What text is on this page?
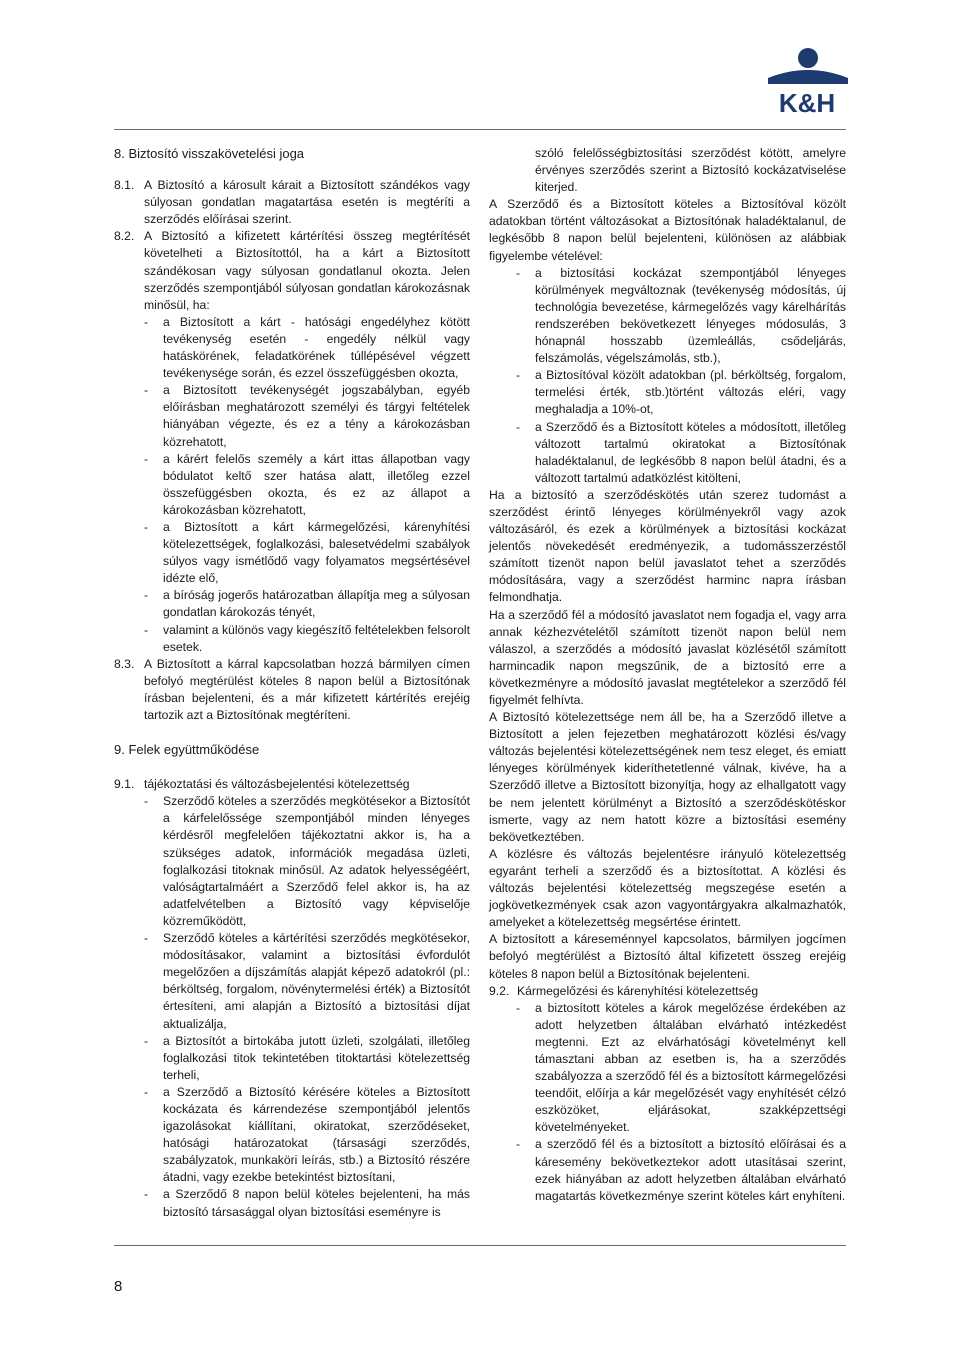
K&H

8. Biztosító visszakövetelési joga

8.1. A Biztosító a károsult kárait a Biztosított szándékos vagy súlyosan gondatlan magatartása esetén is megtéríti a szerződés előírásai szerint.
8.2. A Biztosító a kifizetett kártérítési összeg megtérítését követelheti a Biztosítottól, ha a kárt a Biztosított szándékosan vagy súlyosan gondatlanul okozta. Jelen szerződés szempontjából súlyosan gondatlan károkozásnak minősül, ha:
-	a Biztosított a kárt - hatósági engedélyhez kötött tevékenység esetén - engedély nélkül vagy hatáskörének, feladatkörének túllépésével végzett tevékenysége során, és ezzel összefüggésben okozta,
-	a Biztosított tevékenységét jogszabályban, egyéb előírásban meghatározott személyi és tárgyi feltételek hiányában végezte, és ez a tény a károkozásban közrehatott,
-	a kárért felelős személy a kárt ittas állapotban vagy bódulatot keltő szer hatása alatt, illetőleg ezzel összefüggésben okozta, és ez az állapot a károkozásban közrehatott,
-	a Biztosított a kárt kármegelőzési, kárenyhítési kötelezettségek, foglalkozási, balesetvédelmi szabályok súlyos vagy ismétlődő vagy folyamatos megsértésével idézte elő,
-	a bíróság jogerős határozatban állapítja meg a súlyosan gondatlan károkozás tényét,
-	valamint a különös vagy kiegészítő feltételekben felsorolt esetek.
8.3. A Biztosított a kárral kapcsolatban hozzá bármilyen címen befolyó megtérülést köteles 8 napon belül a Biztosítónak írásban bejelenteni, és a már kifizetett kártérítés erejéig tartozik azt a Biztosítónak megtéríteni.

9. Felek együttműködése

9.1. tájékoztatási és változásbejelentési kötelezettség
-	Szerződő köteles a szerződés megkötésekor a Biztosítót a kárfelelőssége szempontjából minden lényeges kérdésről megfelelően tájékoztatni akkor is, ha a szükséges adatok, információk megadása üzleti, foglalkozási titoknak minősül. Az adatok helyességéért, valóságtartalmáért a Szerződő felel akkor is, ha az adatfelvételben a Biztosító vagy képviselője közreműködött,
-	Szerződő köteles a kártérítési szerződés megkötésekor, módosításakor, valamint a biztosítási évfordulót megelőzően a díjszámítás alapját képező adatokról (pl.: bérköltség, forgalom, növénytermelési érték) a Biztosítót értesíteni, ami alapján a Biztosító a biztosítási díjat aktualizálja,
-	a Biztosítót a birtokába jutott üzleti, szolgálati, illetőleg foglalkozási titok tekintetében titoktartási kötelezettség terheli,
-	a Szerződő a Biztosító kérésére köteles a Biztosított kockázata és kárrendezése szempontjából jelentős igazolásokat kiállítani, okiratokat, szerződéseket, hatósági határozatokat (társasági szerződés, szabályzatok, munkaköri leírás, stb.) a Biztosító részére átadni, vagy ezekbe betekintést biztosítani,
-	a Szerződő 8 napon belül köteles bejelenteni, ha más biztosító társasággal olyan biztosítási eseményre is
szóló felelősségbiztosítási szerződést kötött, amelyre érvényes szerződés szerint a Biztosító kockázatviselése kiterjed.

A Szerződő és a Biztosított köteles a Biztosítóval közölt adatokban történt változásokat a Biztosítónak haladéktalanul, de legkésőbb 8 napon belül bejelenteni, különösen az alábbiak figyelembe vételével:

-	a biztosítási kockázat szempontjából lényeges körülmények megváltoznak (tevékenység módosítás, új technológia bevezetése, kármegelőzés vagy kárelhárítás rendszerében bekövetkezett lényeges módosulás, 3 hónapnál hosszabb üzemleállás, csődeljárás, felszámolás, végelszámolás, stb.),
-	a Biztosítóval közölt adatokban (pl. bérköltség, forgalom, termelési érték, stb.)történt változás eléri, vagy meghaladja a 10%-ot,
-	a Szerződő és a Biztosított köteles a módosított, illetőleg változott tartalmú okiratokat a Biztosítónak haladéktalanul, de legkésőbb 8 napon belül átadni, és a változott tartalmú adatközlést kitölteni,

Ha a biztosító a szerződéskötés után szerez tudomást a szerződést érintő lényeges körülményekről vagy azok változásáról, és ezek a körülmények a biztosítási kockázat jelentős növekedését eredményezik, a tudomásszerzéstől számított tizenöt napon belül javaslatot tehet a szerződés módosítására, vagy a szerződést harminc napra írásban felmondhatja.

Ha a szerződő fél a módosító javaslatot nem fogadja el, vagy arra annak kézhezvételétől számított tizenöt napon belül nem válaszol, a szerződés a módosító javaslat közlésétől számított harmincadik napon megszűnik, de a biztosító erre a következményre a módosító javaslat megtételekor a szerződő fél figyelmét felhívta.

A Biztosító kötelezettsége nem áll be, ha a Szerződő illetve a Biztosított a jelen fejezetben meghatározott közlési és/vagy változás bejelentési kötelezettségének nem tesz eleget, és emiatt lényeges körülmények kideríthetetlenné válnak, kivéve, ha a Szerződő illetve a Biztosított bizonyítja, hogy az elhallgatott vagy be nem jelentett körülményt a Biztosító a szerződéskötéskor ismerte, vagy az nem hatott közre a biztosítási esemény bekövetkeztében.

A közlésre és változás bejelentésre irányuló kötelezettség egyaránt terheli a szerződő és a biztosítottat. A közlési és változás bejelentési kötelezettség megszegése esetén a jogkövetkezmények csak azon vagyontárgyakra alkalmazhatók, amelyeket a kötelezettség megsértése érintett.

A biztosított a káreseménnyel kapcsolatos, bármilyen jogcímen befolyó megtérülést a Biztosító által kifizetett összeg erejéig köteles 8 napon belül a Biztosítónak bejelenteni.

9.2. Kármegelőzési és kárenyhítési kötelezettség
-	a biztosított köteles a károk megelőzése érdekében az adott helyzetben általában elvárható intézkedést megtenni. Ezt az elvárhatósági követelményt kell támasztani abban az esetben is, ha a szerződés szabályozza a szerződő fél és a biztosított kármegelőzési teendőit, előírja a kár megelőzését vagy enyhítését célzó eszközöket, eljárásokat, szakképzettségi követelményeket.
-	a szerződő fél és a biztosított a biztosító előírásai és a káresemény bekövetkeztekor adott utasításai szerint, ezek hiányában az adott helyzetben általában elvárható magatartás következménye szerint köteles kárt enyhíteni.
8
